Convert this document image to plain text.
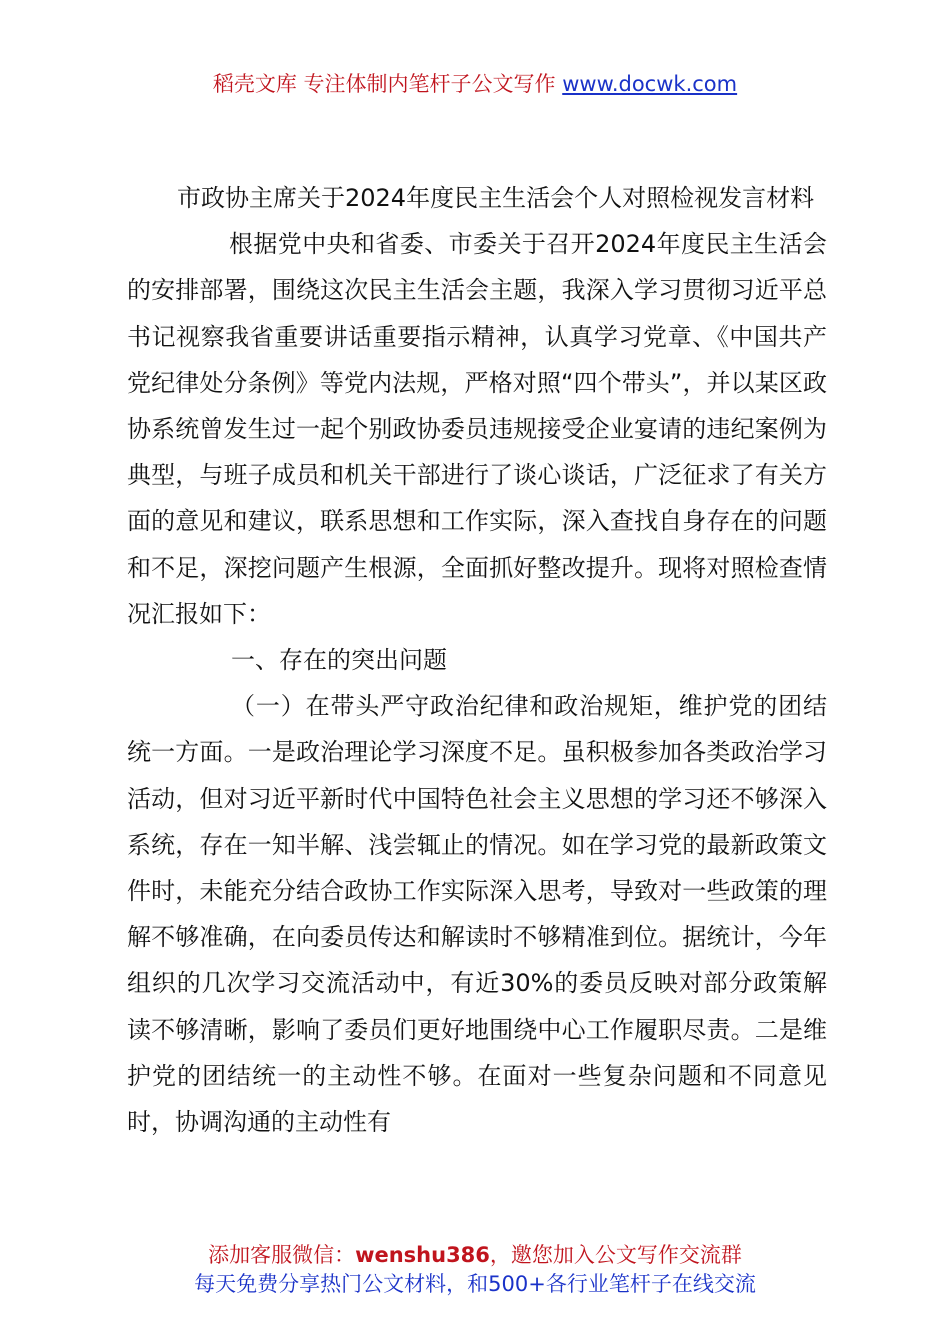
稻壳文库 专注体制内笔杆子公文写作 www.docwk.com

市政协主席关于2024年度民主生活会个人对照检视发言材料

根据党中央和省委、市委关于召开2024年度民主生活会的安排部署，围绕这次民主生活会主题，我深入学习贯彻习近平总书记视察我省重要讲话重要指示精神，认真学习党章、《中国共产党纪律处分条例》等党内法规，严格对照“四个带头”，并以某区政协系统曾发生过一起个别政协委员违规接受企业宴请的违纪案例为典型，与班子成员和机关干部进行了谈心谈话，广泛征求了有关方面的意见和建议，联系思想和工作实际，深入查找自身存在的问题和不足，深挖问题产生根源，全面抓好整改提升。现将对照检查情况汇报如下：

一、存在的突出问题

（一）在带头严守政治纪律和政治规矩，维护党的团结统一方面。一是政治理论学习深度不足。虽积极参加各类政治学习活动，但对习近平新时代中国特色社会主义思想的学习还不够深入系统，存在一知半解、浅尝辄止的情况。如在学习党的最新政策文件时，未能充分结合政协工作实际深入思考，导致对一些政策的理解不够准确，在向委员传达和解读时不够精准到位。据统计，今年组织的几次学习交流活动中，有近30%的委员反映对部分政策解读不够清晰，影响了委员们更好地围绕中心工作履职尽责。二是维护党的团结统一的主动性不够。在面对一些复杂问题和不同意见时，协调沟通的主动性有

添加客服微信：wenshu386，邀您加入公文写作交流群
每天免费分享热门公文材料，和500+各行业笔杆子在线交流
